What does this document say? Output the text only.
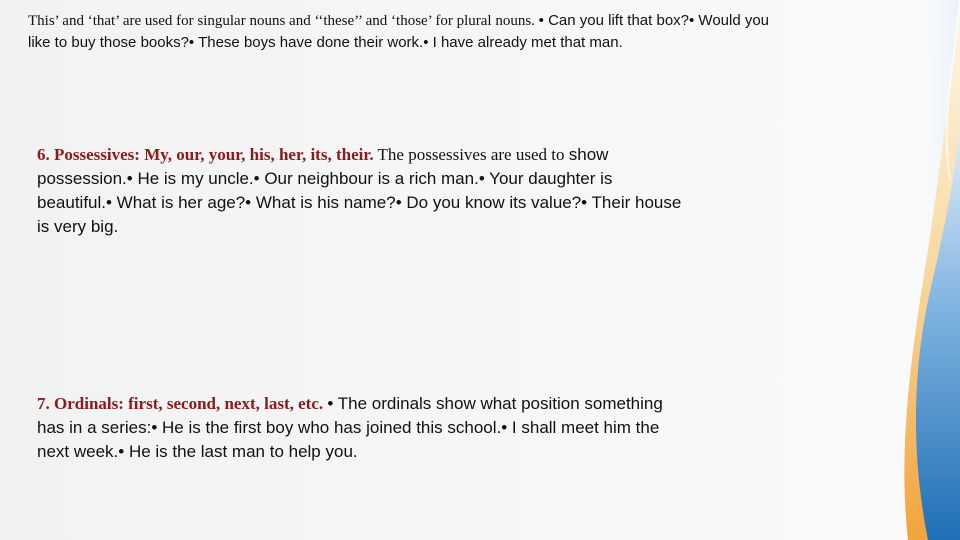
This’ and ‘that’ are used for singular nouns and ‘‘these’’ and ‘those’ for plural nouns. • Can you lift that box?• Would you like to buy those books?• These boys have done their work.• I have already met that man.
6. Possessives: My, our, your, his, her, its, their. The possessives are used to show possession.• He is my uncle.• Our neighbour is a rich man.• Your daughter is beautiful.• What is her age?• What is his name?• Do you know its value?• Their house is very big.
7. Ordinals: first, second, next, last, etc. • The ordinals show what position something has in a series:• He is the first boy who has joined this school.• I shall meet him the next week.• He is the last man to help you.
